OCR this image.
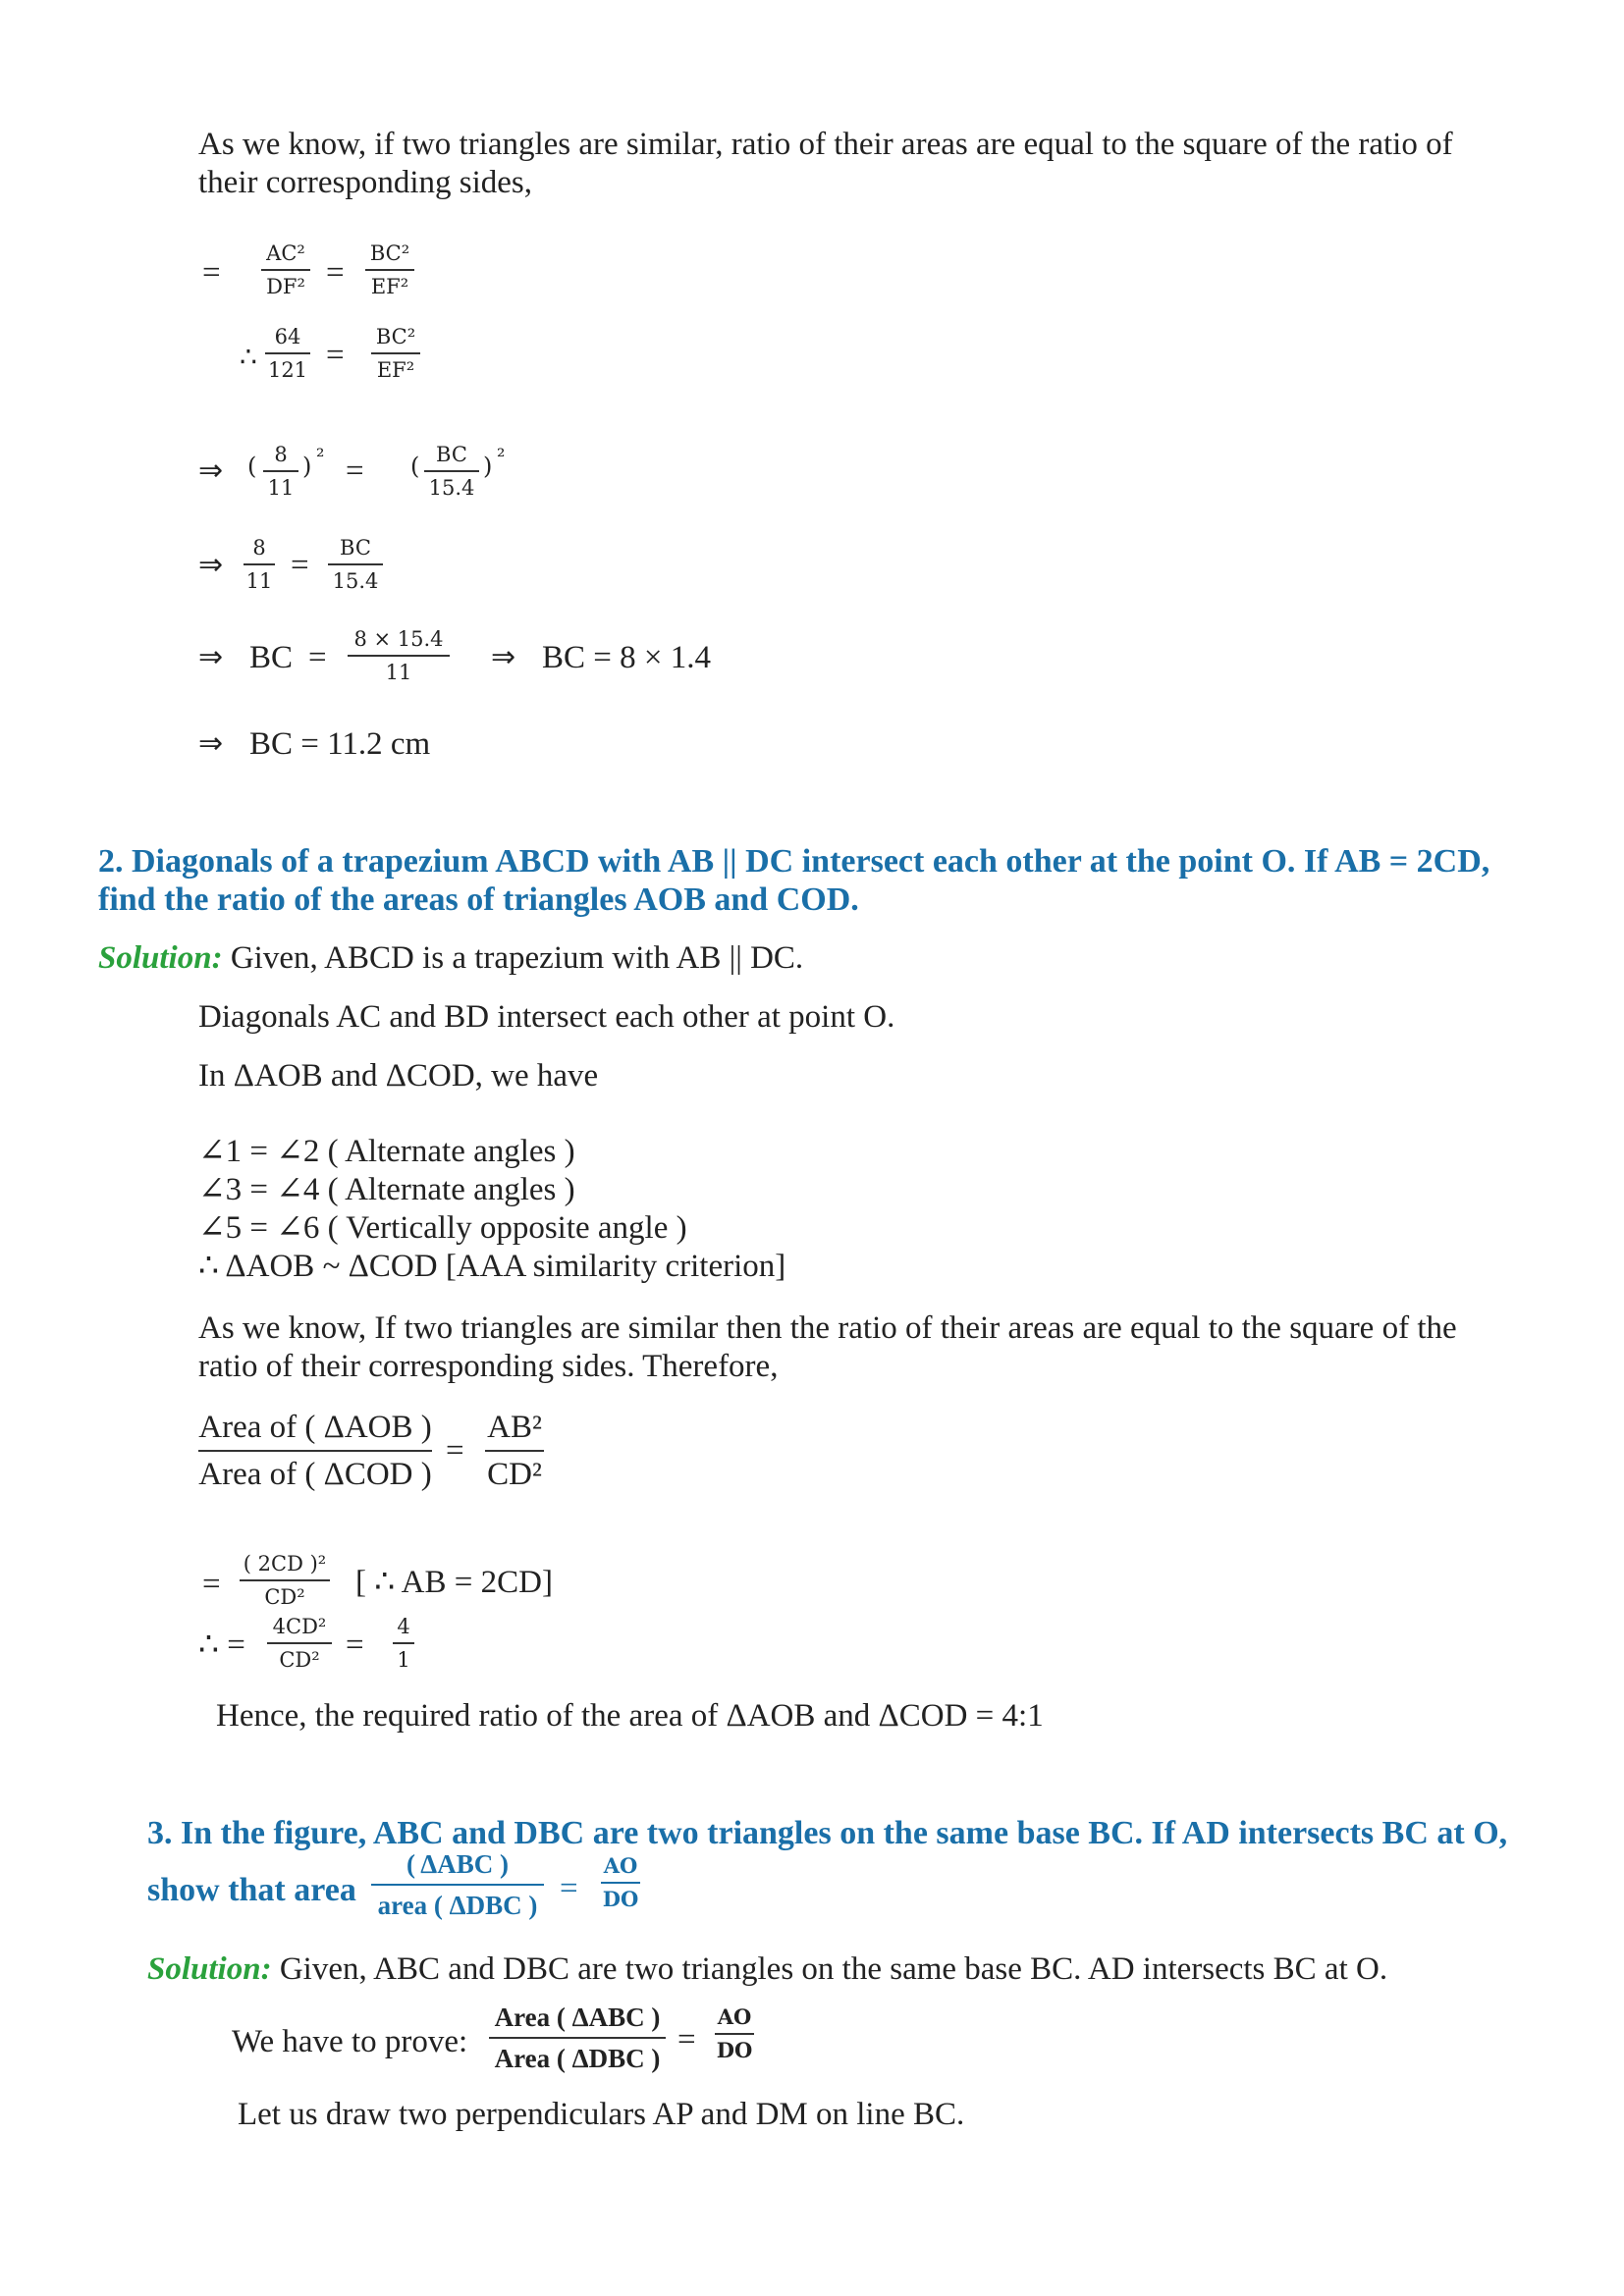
As we know, if two triangles are similar, ratio of their areas are equal to the square of the ratio of their corresponding sides,
=
AC²
DF² =
BC²
EF²
∴
64
121 =
BC²
EF²
⇒ ( 8
11
) ² = ( BC
15.4
) ²
⇒	8
11 =	BC
15.4
⇒ BC =
8 × 15.4
11	⇒ BC = 8 × 1.4
⇒ BC = 11.2 cm
2. Diagonals of a trapezium ABCD with AB || DC intersect each other at the point O. If AB = 2CD,
find the ratio of the areas of triangles AOB and COD.
Solution: Given, ABCD is a trapezium with AB || DC.
Diagonals AC and BD intersect each other at point O.
In ΔAOB and ΔCOD, we have
∠1 = ∠2 ( Alternate angles )
∠3 = ∠4 ( Alternate angles )
∠5 = ∠6 ( Vertically opposite angle )
∴ ΔAOB ~ ΔCOD [AAA similarity criterion]
As we know, If two triangles are similar then the ratio of their areas are equal to the square of the ratio of their corresponding sides. Therefore,
Area of ( ΔAOB )
Area of ( ΔCOD )
=
AB²
CD²
=
( 2CD )²
CD²	[ ∴ AB = 2CD]
∴ =
4CD²
CD² =
4
1
Hence, the required ratio of the area of ΔAOB and ΔCOD = 4:1
3. In the figure, ABC and DBC are two triangles on the same base BC. If AD intersects BC at O,
show that area
( ΔABC )
area ( ΔDBC ) =
AO
DO
Solution: Given, ABC and DBC are two triangles on the same base BC. AD intersects BC at O.
We have to prove:
Area ( ΔABC )
Area ( ΔDBC )
=
AO
DO
Let us draw two perpendiculars AP and DM on line BC.
